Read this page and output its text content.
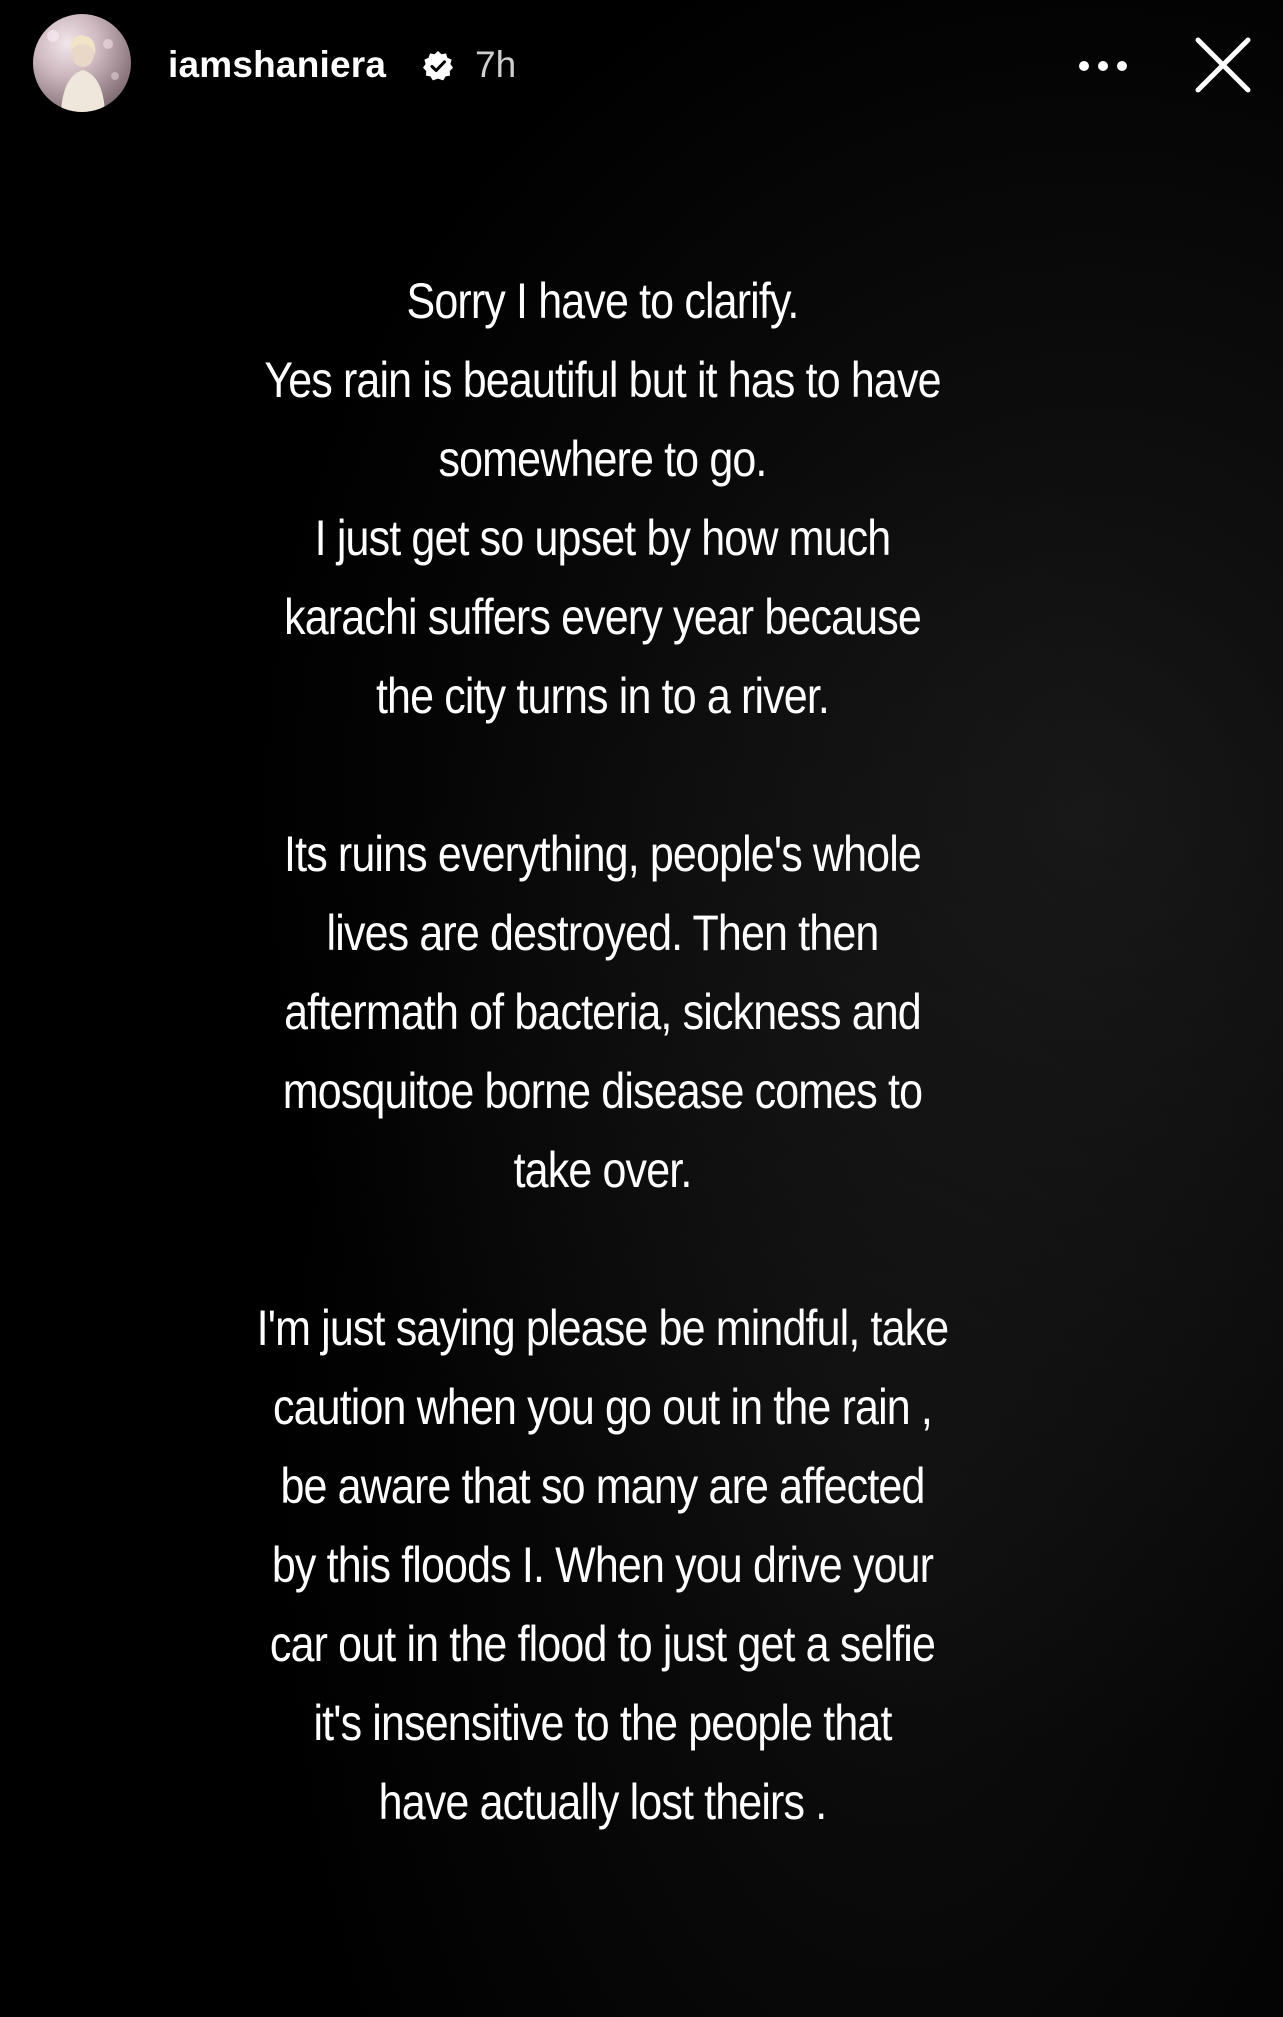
iamshaniera 7h

Sorry I have to clarify.

Yes rain is beautiful but it has to have

somewhere to go.

I just get so upset by how much

karachi suffers every year because

the city turns in to a river.

Its ruins everything, people's whole

lives are destroyed. Then then

aftermath of bacteria, sickness and

mosquitoe borne disease comes to

take over.

I'm just saying please be mindful, take

caution when you go out in the rain ,

be aware that so many are affected

by this floods I. When you drive your

car out in the flood to just get a selfie

it's insensitive to the people that

have actually lost theirs .
